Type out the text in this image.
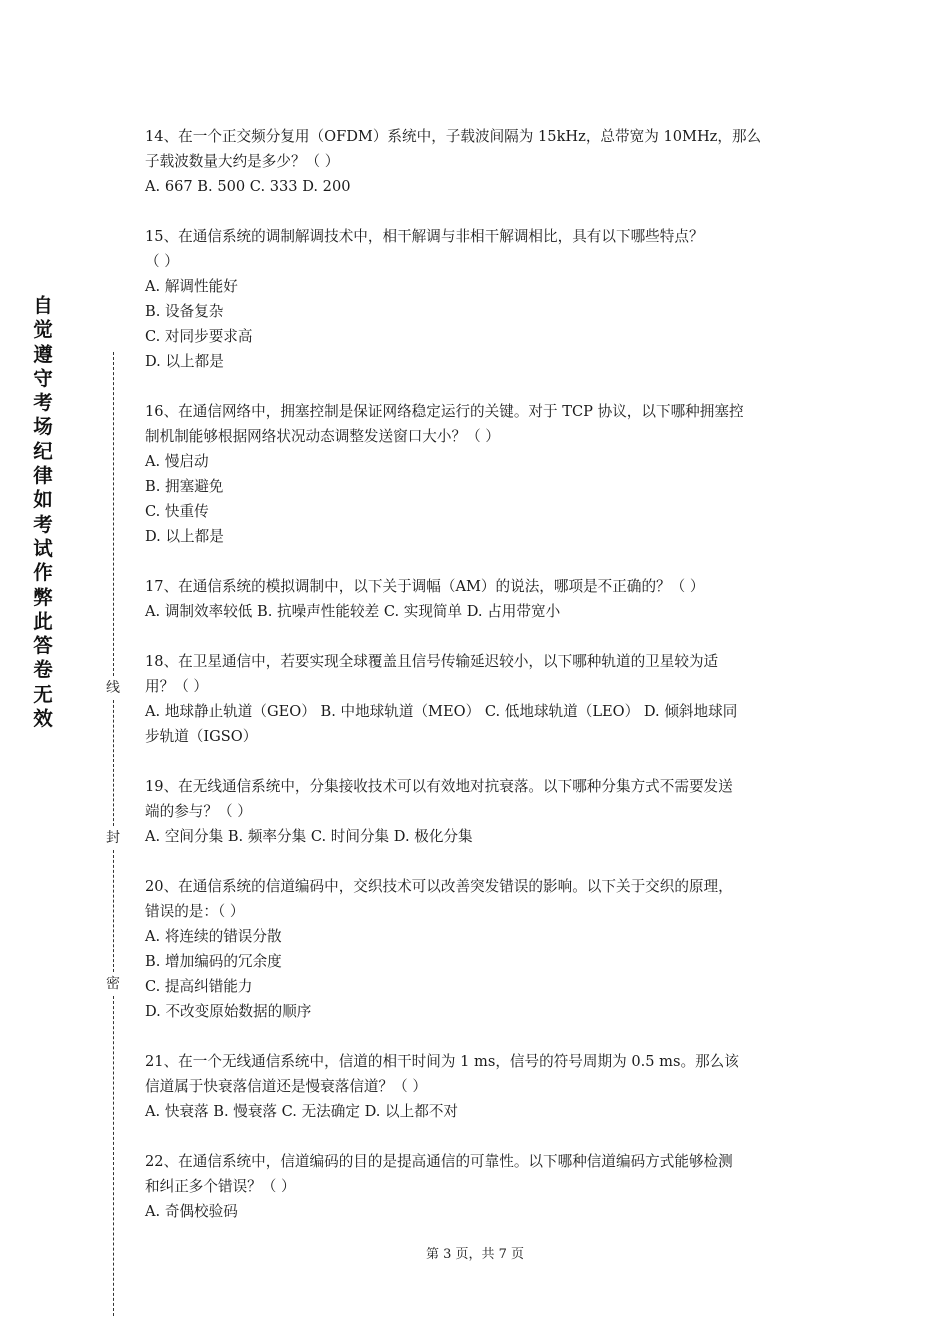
自觉遵守考场纪律如考试作弊此答卷无效
线
封
密
14、在一个正交频分复用（OFDM）系统中，子载波间隔为 15kHz，总带宽为 10MHz，那么
子载波数量大约是多少？（ ）
A. 667 B. 500 C. 333 D. 200
15、在通信系统的调制解调技术中，相干解调与非相干解调相比，具有以下哪些特点？
（ ）
A. 解调性能好
B. 设备复杂
C. 对同步要求高
D. 以上都是
16、在通信网络中，拥塞控制是保证网络稳定运行的关键。对于 TCP 协议，以下哪种拥塞控
制机制能够根据网络状况动态调整发送窗口大小？（ ）
A. 慢启动
B. 拥塞避免
C. 快重传
D. 以上都是
17、在通信系统的模拟调制中，以下关于调幅（AM）的说法，哪项是不正确的？（ ）
A. 调制效率较低 B. 抗噪声性能较差 C. 实现简单 D. 占用带宽小
18、在卫星通信中，若要实现全球覆盖且信号传输延迟较小，以下哪种轨道的卫星较为适
用？（ ）
A. 地球静止轨道（GEO） B. 中地球轨道（MEO） C. 低地球轨道（LEO） D. 倾斜地球同
步轨道（IGSO）
19、在无线通信系统中，分集接收技术可以有效地对抗衰落。以下哪种分集方式不需要发送
端的参与？（ ）
A. 空间分集 B. 频率分集 C. 时间分集 D. 极化分集
20、在通信系统的信道编码中，交织技术可以改善突发错误的影响。以下关于交织的原理，
错误的是：（ ）
A. 将连续的错误分散
B. 增加编码的冗余度
C. 提高纠错能力
D. 不改变原始数据的顺序
21、在一个无线通信系统中，信道的相干时间为 1 ms，信号的符号周期为 0.5 ms。那么该
信道属于快衰落信道还是慢衰落信道？（ ）
A. 快衰落 B. 慢衰落 C. 无法确定 D. 以上都不对
22、在通信系统中，信道编码的目的是提高通信的可靠性。以下哪种信道编码方式能够检测
和纠正多个错误？（ ）
A. 奇偶校验码
第 3 页，共 7 页
